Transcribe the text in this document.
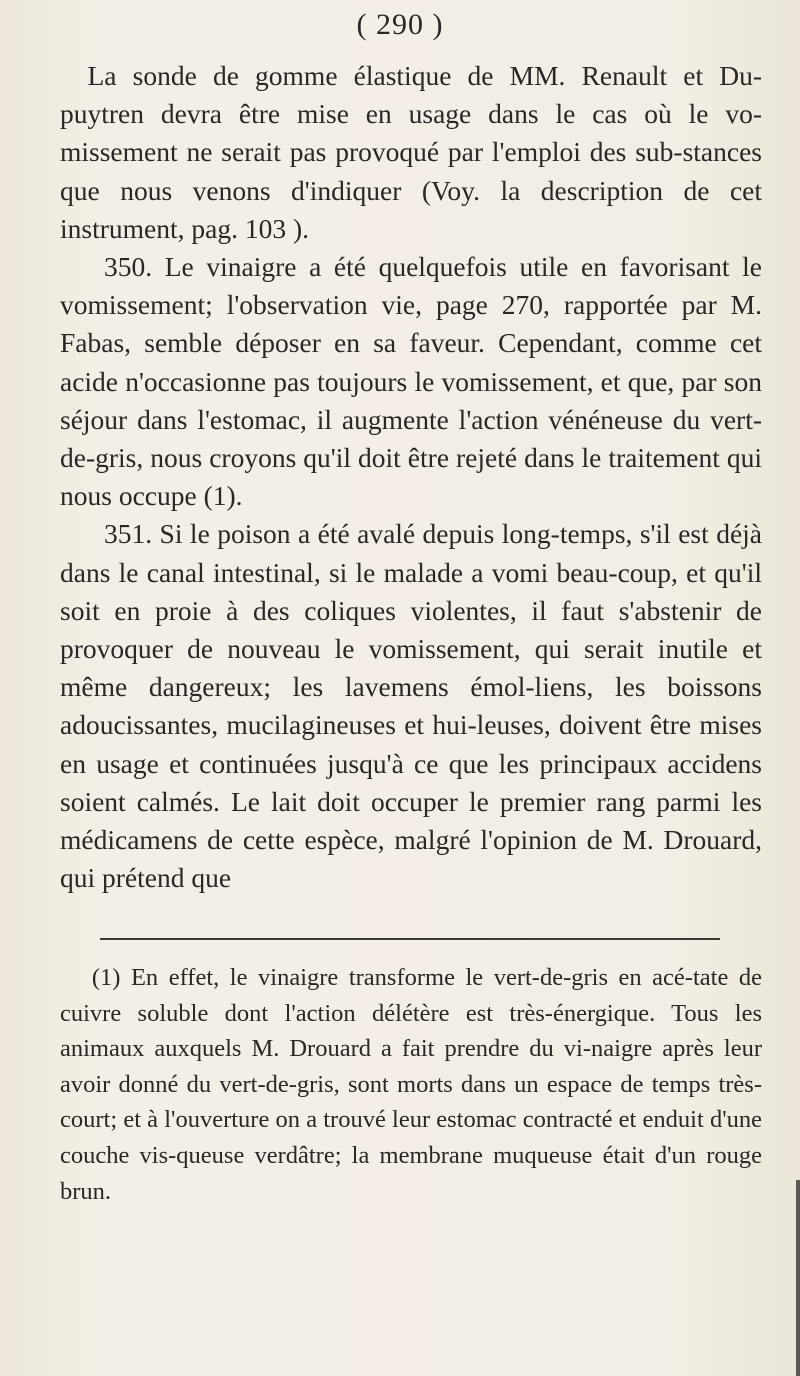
( 290 )

La sonde de gomme élastique de MM. Renault et Du-puytren devra être mise en usage dans le cas où le vo-missement ne serait pas provoqué par l'emploi des sub-stances que nous venons d'indiquer (Voy. la description de cet instrument, pag. 103 ).

350. Le vinaigre a été quelquefois utile en favorisant le vomissement; l'observation vie, page 270, rapportée par M. Fabas, semble déposer en sa faveur. Cependant, comme cet acide n'occasionne pas toujours le vomissement, et que, par son séjour dans l'estomac, il augmente l'action vénéneuse du vert-de-gris, nous croyons qu'il doit être rejeté dans le traitement qui nous occupe (1).

351. Si le poison a été avalé depuis long-temps, s'il est déjà dans le canal intestinal, si le malade a vomi beau-coup, et qu'il soit en proie à des coliques violentes, il faut s'abstenir de provoquer de nouveau le vomissement, qui serait inutile et même dangereux; les lavemens émol-liens, les boissons adoucissantes, mucilagineuses et hui-leuses, doivent être mises en usage et continuées jusqu'à ce que les principaux accidens soient calmés. Le lait doit occuper le premier rang parmi les médicamens de cette espèce, malgré l'opinion de M. Drouard, qui prétend que

(1) En effet, le vinaigre transforme le vert-de-gris en acé-tate de cuivre soluble dont l'action délétère est très-énergique. Tous les animaux auxquels M. Drouard a fait prendre du vi-naigre après leur avoir donné du vert-de-gris, sont morts dans un espace de temps très-court; et à l'ouverture on a trouvé leur estomac contracté et enduit d'une couche vis-queuse verdâtre; la membrane muqueuse était d'un rouge brun.
